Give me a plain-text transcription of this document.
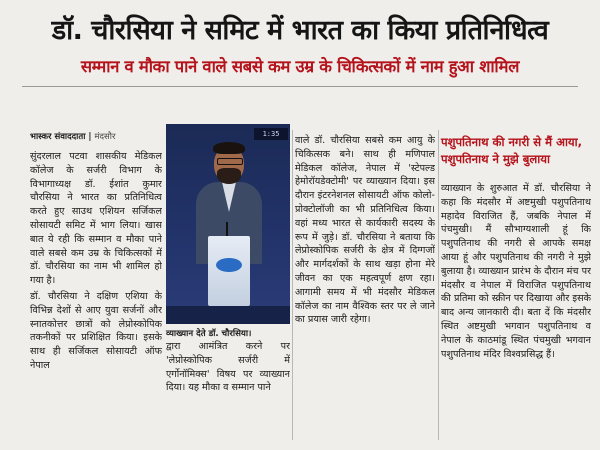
डॉ. चौरसिया ने समिट में भारत का किया प्रतिनिधित्व
सम्मान व मौका पाने वाले सबसे कम उम्र के चिकित्सकों में नाम हुआ शामिल
भास्कर संवाददाता | मंदसौर

सुंदरलाल पटवा शासकीय मेडिकल कॉलेज के सर्जरी विभाग के विभागाध्यक्ष डॉ. ईशांत कुमार चौरसिया ने भारत का प्रतिनिधित्व करते हुए साउथ एशियन सर्जिकल सोसायटी समिट में भाग लिया। खास बात ये रही कि सम्मान व मौका पाने वाले सबसे कम उम्र के चिकित्सकों में डॉ. चौरसिया का नाम भी शामिल हो गया है।

डॉ. चौरसिया ने दक्षिण एशिया के विभिन्न देशों से आए युवा सर्जनों और स्नातकोत्तर छात्रों को लेप्रोस्कोपिक तकनीकों पर प्रशिक्षित किया। इसके साथ ही सर्जिकल सोसायटी ऑफ नेपाल

1:35
व्याख्यान देते डॉ. चौरसिया।

द्वारा आमंत्रित करने पर 'लेप्रोस्कोपिक सर्जरी में एर्गोनॉमिक्स' विषय पर व्याख्यान दिया। यह मौका व सम्मान पाने

वाले डॉ. चौरसिया सबसे कम आयु के चिकित्सक बने। साथ ही मणिपाल मेडिकल कॉलेज, नेपाल में 'स्टेपल्ड हेमोरॉयडेक्टोमी' पर व्याख्यान दिया। इस दौरान इंटरनेशनल सोसायटी ऑफ कोलो-प्रोक्टोलॉजी का भी प्रतिनिधित्व किया। वहां मध्य भारत से कार्यकारी सदस्य के रूप में जुड़े। डॉ. चौरसिया ने बताया कि लेप्रोस्कोपिक सर्जरी के क्षेत्र में दिग्गजों और मार्गदर्शकों के साथ खड़ा होना मेरे जीवन का एक महत्वपूर्ण क्षण रहा। आगामी समय में भी मंदसौर मेडिकल कॉलेज का नाम वैश्विक स्तर पर ले जाने का प्रयास जारी रहेगा।

पशुपतिनाथ की नगरी से मैं आया, पशुपतिनाथ ने मुझे बुलाया

व्याख्यान के शुरुआत में डॉ. चौरसिया ने कहा कि मंदसौर में अष्टमुखी पशुपतिनाथ महादेव विराजित हैं, जबकि नेपाल में पंचमुखी। मैं सौभाग्यशाली हूं कि पशुपतिनाथ की नगरी से आपके समक्ष आया हूं और पशुपतिनाथ की नगरी ने मुझे बुलाया है। व्याख्यान प्रारंभ के दौरान मंच पर मंदसौर व नेपाल में विराजित पशुपतिनाथ की प्रतिमा को स्क्रीन पर दिखाया और इसके बाद अन्य जानकारी दी। बता दें कि मंदसौर स्थित अष्टमुखी भगवान पशुपतिनाथ व नेपाल के काठमांडू स्थित पंचमुखी भगवान पशुपतिनाथ मंदिर विश्वप्रसिद्ध हैं।
